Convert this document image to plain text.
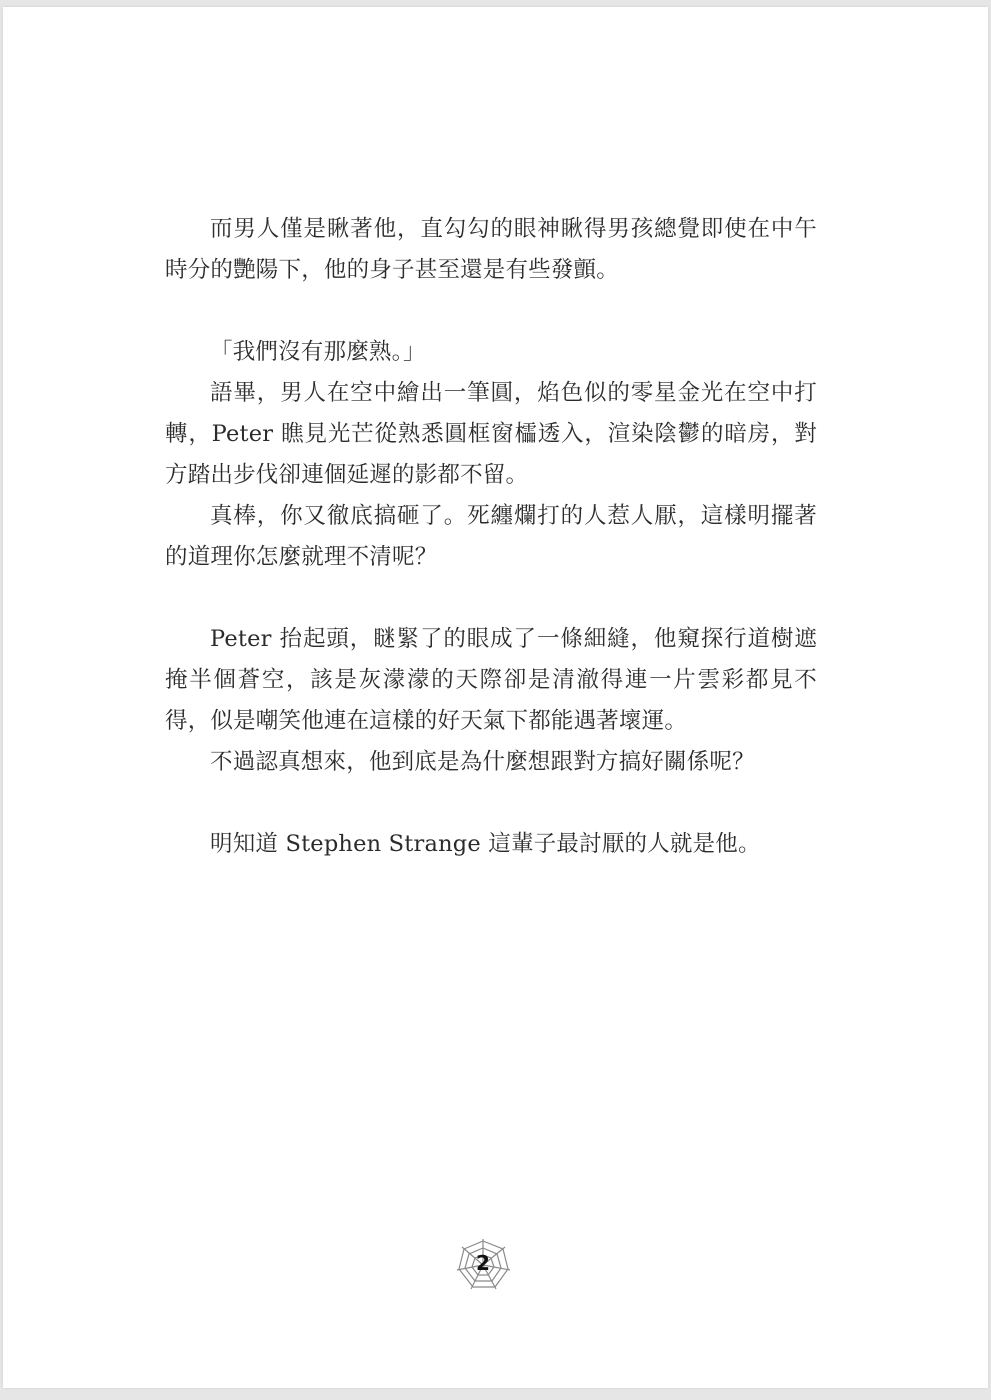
而男人僅是瞅著他，直勾勾的眼神瞅得男孩總覺即使在中午時分的艷陽下，他的身子甚至還是有些發顫。

「我們沒有那麼熟。」

語畢，男人在空中繪出一筆圓，焰色似的零星金光在空中打轉，Peter 瞧見光芒從熟悉圓框窗櫺透入，渲染陰鬱的暗房，對方踏出步伐卻連個延遲的影都不留。

真棒，你又徹底搞砸了。死纏爛打的人惹人厭，這樣明擺著的道理你怎麼就理不清呢？

Peter 抬起頭，瞇緊了的眼成了一條細縫，他窺探行道樹遮掩半個蒼空，該是灰濛濛的天際卻是清澈得連一片雲彩都見不得，似是嘲笑他連在這樣的好天氣下都能遇著壞運。

不過認真想來，他到底是為什麼想跟對方搞好關係呢？

明知道 Stephen Strange 這輩子最討厭的人就是他。

2
